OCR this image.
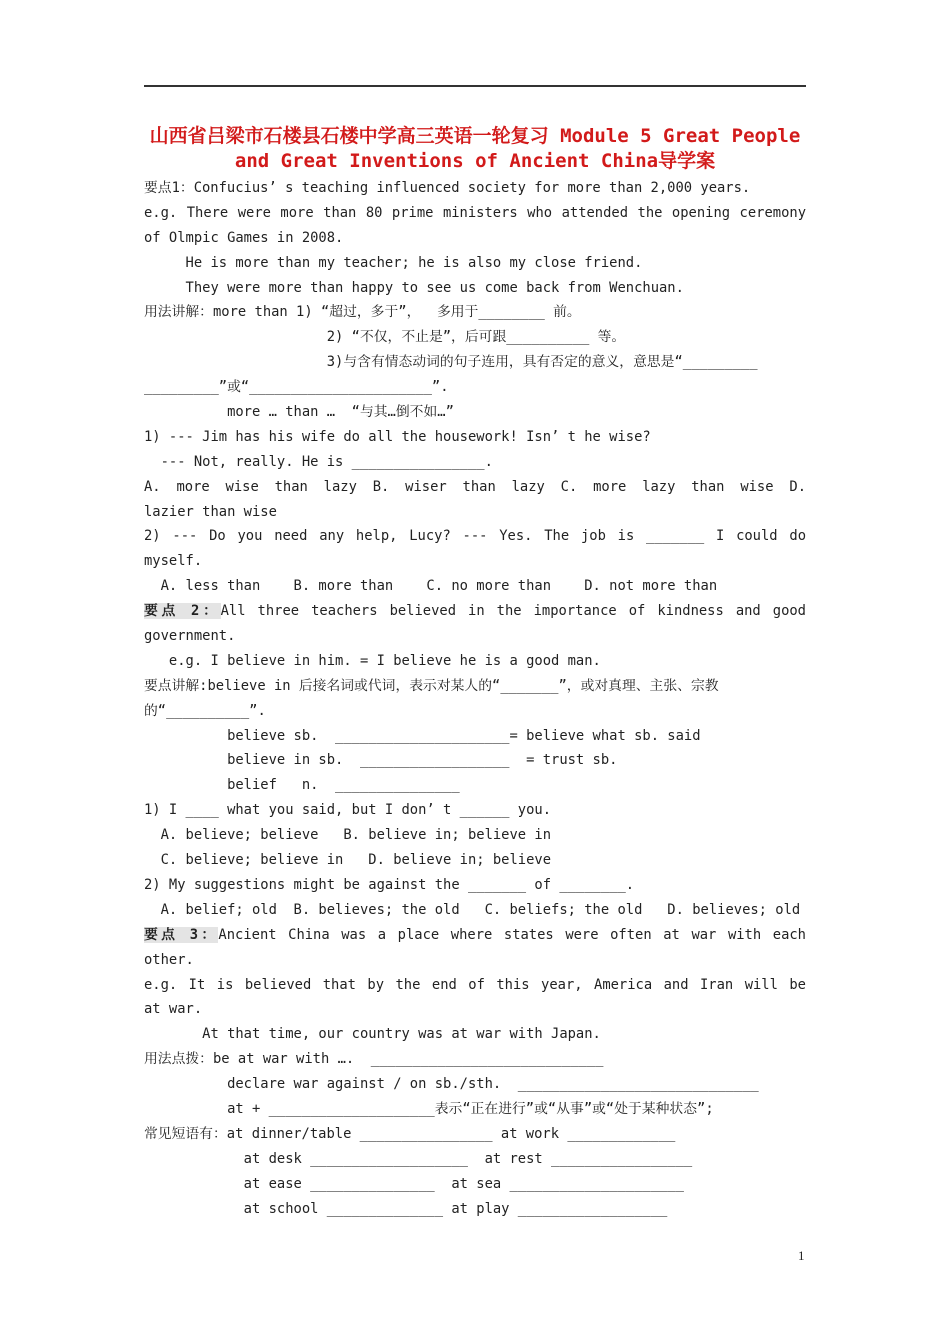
山西省吕梁市石楼县石楼中学高三英语一轮复习 Module 5 Great People and Great Inventions of Ancient China导学案
要点1：Confucius’ s teaching influenced society for more than 2,000 years.
e.g. There were more than 80 prime ministers who attended the opening ceremony
of Olmpic Games in 2008.
He is more than my teacher; he is also my close friend.
They were more than happy to see us come back from Wenchuan.
用法讲解：more than 1) “超过，多于”，  多用于________ 前。
2) “不仅，不止是”，后可跟__________ 等。
3)与含有情态动词的句子连用，具有否定的意义，意思是“_________
_________”或“______________________”.
more … than …  “与其…倒不如…”
1) --- Jim has his wife do all the housework! Isn’ t he wise?
--- Not, really. He is ________________.
A. more wise than lazy B. wiser than lazy C. more lazy than wise D.
lazier than wise
2) --- Do you need any help, Lucy? --- Yes. The job is _______ I could do
myself.
A. less than    B. more than    C. no more than    D. not more than
要点 2：All three teachers believed in the importance of kindness and good
government.
e.g. I believe in him. = I believe he is a good man.
要点讲解:believe in 后接名词或代词，表示对某人的“_______”，或对真理、主张、宗教
的“__________”.
believe sb.  _____________________= believe what sb. said
believe in sb.  __________________  = trust sb.
belief   n.  _______________
1) I ____ what you said, but I don’ t ______ you.
A. believe; believe   B. believe in; believe in
C. believe; believe in   D. believe in; believe
2) My suggestions might be against the _______ of ________.
A. belief; old  B. believes; the old   C. beliefs; the old   D. believes; old
要点 3：Ancient China was a place where states were often at war with each
other.
e.g. It is believed that by the end of this year, America and Iran will be
at war.
At that time, our country was at war with Japan.
用法点拨：be at war with ….  ____________________________
declare war against / on sb./sth.  _____________________________
at + ____________________表示“正在进行”或“从事”或“处于某种状态”;
常见短语有：at dinner/table ________________ at work _____________
at desk ___________________  at rest _________________
at ease _______________  at sea _____________________
at school ______________ at play __________________
1
